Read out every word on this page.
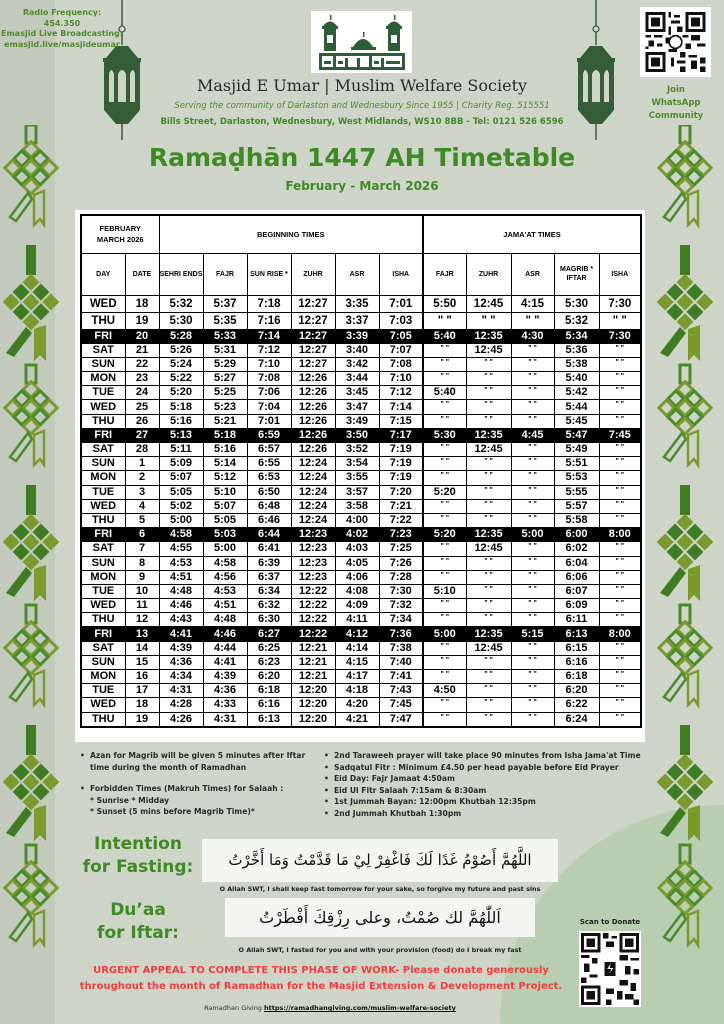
Radio Frequency:
454.350
Emasjid Live Broadcasting:
emasjid.live/masjideumar
Masjid E Umar | Muslim Welfare Society
Serving the community of Darlaston and Wednesbury Since 1955 | Charity Reg. 515551
Bills Street, Darlaston, Wednesbury, West Midlands, WS10 8BB - Tel: 0121 526 6596
Join
WhatsApp
Community
Ramaḍhān 1447 AH Timetable
February - March 2026
FEBRUARY
MARCH 2026		BEGINNING TIMES						JAMA'AT TIMES				
DAY	DATE	SEHRI ENDS	FAJR	SUN RISE *	ZUHR	ASR	ISHA	FAJR	ZUHR	ASR	MAGRIB * IFTAR	ISHA
WED	18	5:32	5:37	7:18	12:27	3:35	7:01	5:50	12:45	4:15	5:30	7:30
THU	19	5:30	5:35	7:16	12:27	3:37	7:03	" "	" "	" "	5:32	" "
FRI	20	5:28	5:33	7:14	12:27	3:39	7:05	5:40	12:35	4:30	5:34	7:30
SAT	21	5:26	5:31	7:12	12:27	3:40	7:07	" "	12:45	" "	5:36	" "
SUN	22	5:24	5:29	7:10	12:27	3:42	7:08	" "	" "	" "	5:38	" "
MON	23	5:22	5:27	7:08	12:26	3:44	7:10	" "	" "	" "	5:40	" "
TUE	24	5:20	5:25	7:06	12:26	3:45	7:12	5:40	" "	" "	5:42	" "
WED	25	5:18	5:23	7:04	12:26	3:47	7:14	" "	" "	" "	5:44	" "
THU	26	5:16	5:21	7:01	12:26	3:49	7:15	" "	" "	" "	5:45	" "
FRI	27	5:13	5:18	6:59	12:26	3:50	7:17	5:30	12:35	4:45	5:47	7:45
SAT	28	5:11	5:16	6:57	12:26	3:52	7:19	" "	12:45	" "	5:49	" "
SUN	1	5:09	5:14	6:55	12:24	3:54	7:19	" "	" "	" "	5:51	" "
MON	2	5:07	5:12	6:53	12:24	3:55	7:19	" "	" "	" "	5:53	" "
TUE	3	5:05	5:10	6:50	12:24	3:57	7:20	5:20	" "	" "	5:55	" "
WED	4	5:02	5:07	6:48	12:24	3:58	7:21	" "	" "	" "	5:57	" "
THU	5	5:00	5:05	6:46	12:24	4:00	7:22	" "	" "	" "	5:58	" "
FRI	6	4:58	5:03	6:44	12:23	4:02	7:23	5:20	12:35	5:00	6:00	8:00
SAT	7	4:55	5:00	6:41	12:23	4:03	7:25	" "	12:45	" "	6:02	" "
SUN	8	4:53	4:58	6:39	12:23	4:05	7:26	" "	" "	" "	6:04	" "
MON	9	4:51	4:56	6:37	12:23	4:06	7:28	" "	" "	" "	6:06	" "
TUE	10	4:48	4:53	6:34	12:22	4:08	7:30	5:10	" "	" "	6:07	" "
WED	11	4:46	4:51	6:32	12:22	4:09	7:32	" "	" "	" "	6:09	" "
THU	12	4:43	4:48	6:30	12:22	4:11	7:34	" "	" "	" "	6:11	" "
FRI	13	4:41	4:46	6:27	12:22	4:12	7:36	5:00	12:35	5:15	6:13	8:00
SAT	14	4:39	4:44	6:25	12:21	4:14	7:38	" "	12:45	" "	6:15	" "
SUN	15	4:36	4:41	6:23	12:21	4:15	7:40	" "	" "	" "	6:16	" "
MON	16	4:34	4:39	6:20	12:21	4:17	7:41	" "	" "	" "	6:18	" "
TUE	17	4:31	4:36	6:18	12:20	4:18	7:43	4:50	" "	" "	6:20	" "
WED	18	4:28	4:33	6:16	12:20	4:20	7:45	" "	" "	" "	6:22	" "
THU	19	4:26	4:31	6:13	12:20	4:21	7:47	" "	" "	" "	6:24	" "
• Azan for Magrib will be given 5 minutes after Iftar
time during the month of Ramadhan
• Forbidden Times (Makruh Times) for Salaah :
* Sunrise * Midday
* Sunset (5 mins before Magrib Time)*
• 2nd Taraweeh prayer will take place 90 minutes from Isha Jama'at Time
• Sadqatul Fitr : Minimum £4.50 per head payable before Eid Prayer
• Eid Day: Fajr Jamaat 4:50am
• Eid Ul Fitr Salaah 7:15am & 8:30am
• 1st Jummah Bayan: 12:00pm Khutbah 12:35pm
• 2nd Jummah Khutbah 1:30pm
Intention
for Fasting:	اللَّهُمَّ أَصُوْمُ غَدًا لَكَ فَاغْفِرْ لِيْ مَا قَدَّمْتُ وَمَا أَخَّرْتُ
O Allah SWT, I shall keep fast tomorrow for your sake, so forgive my future and past sins
Du’aa
for Iftar:
اَللّٰهُمَّ لك صُمْتُ، وعلى رِزْقِكَ أَفْطَرْتُ
O Allah SWT, I fasted for you and with your provision (food) do I break my fast
URGENT APPEAL TO COMPLETE THIS PHASE OF WORK- Please donate generously
throughout the month of Ramadhan for the Masjid Extension & Development Project.
Ramadhan Giving https://ramadhangiving.com/muslim-welfare-society
Scan to Donate
